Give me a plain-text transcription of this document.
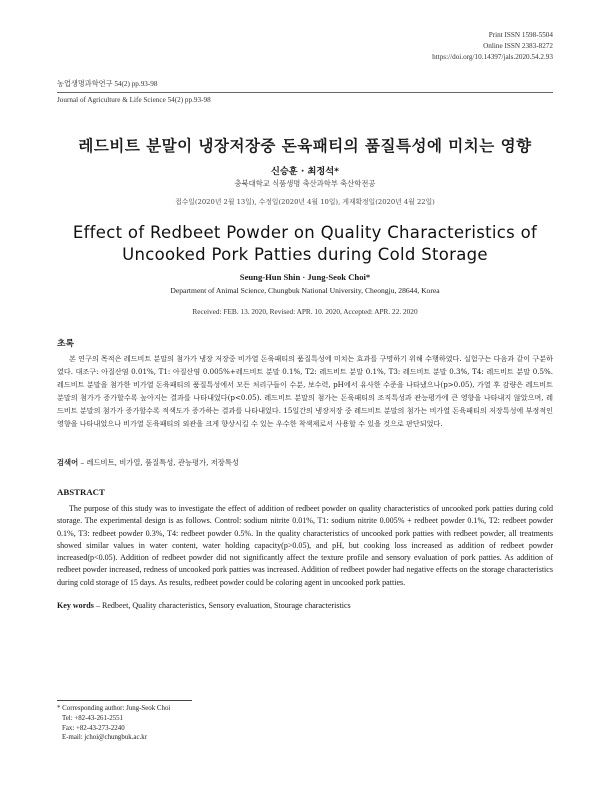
Print ISSN 1598-5504
Online ISSN 2383-8272
https://doi.org/10.14397/jals.2020.54.2.93
농업생명과학연구 54(2) pp.93-98
Journal of Agriculture & Life Science 54(2) pp.93-98
레드비트 분말이 냉장저장중 돈육패티의 품질특성에 미치는 영향
신승훈 · 최정석*
충북대학교 식품생명 축산과학부 축산학전공
접수일(2020년 2월 13일), 수정일(2020년 4월 10일), 게재확정일(2020년 4월 22일)
Effect of Redbeet Powder on Quality Characteristics of
Uncooked Pork Patties during Cold Storage
Seung-Hun Shin · Jung-Seok Choi*
Department of Animal Science, Chungbuk National University, Cheongju, 28644, Korea
Received: FEB. 13. 2020, Revised: APR. 10. 2020, Accepted: APR. 22. 2020
초록
본 연구의 목적은 레드비트 분말의 첨가가 냉장 저장중 비가열 돈육패티의 품질특성에 미치는 효과를 구명하기 위해 수행하였다. 실험구는 다음과 같이 구분하였다. 대조구: 아질산염 0.01%, T1: 아질산염 0.005%+레드비트 분말 0.1%, T2: 레드비트 분말 0.1%, T3: 레드비트 분말 0.3%, T4: 레드비트 분말 0.5%. 레드비트 분말을 첨가한 비가열 돈육패티의 품질특성에서 모든 처리구들이 수분, 보수력, pH에서 유사한 수준을 나타냈으나(p>0.05), 가열 후 감량은 레드비트 분말의 첨가가 증가할수록 높아지는 결과를 나타내었다(p<0.05). 레드비트 분말의 첨가는 돈육패티의 조직특성과 관능평가에 큰 영향을 나타내지 않았으며, 레드비트 분말의 첨가가 증가할수록 적색도가 증가하는 결과를 나타내었다. 15일간의 냉장저장 중 레드비트 분말의 첨가는 비가열 돈육패티의 저장특성에 부정적인 영향을 나타내었으나 비가열 돈육패티의 외관을 크게 향상시킬 수 있는 우수한 착색제로서 사용할 수 있을 것으로 판단되었다.
검색어 – 레드비트, 비가열, 품질특성, 관능평가, 저장특성
ABSTRACT
The purpose of this study was to investigate the effect of addition of redbeet powder on quality characteristics of uncooked pork patties during cold storage. The experimental design is as follows. Control: sodium nitrite 0.01%, T1: sodium nitrite 0.005% + redbeet powder 0.1%, T2: redbeet powder 0.1%, T3: redbeet powder 0.3%, T4: redbeet powder 0.5%. In the quality characteristics of uncooked pork patties with redbeet powder, all treatments showed similar values in water content, water holding capacity(p>0.05), and pH, but cooking loss increased as addition of redbeet powder increased(p<0.05). Addition of redbeet powder did not significantly affect the texture profile and sensory evaluation of pork patties. As addition of redbeet powder increased, redness of uncooked pork patties was increased. Addition of redbeet powder had negative effects on the storage characteristics during cold storage of 15 days. As results, redbeet powder could be coloring agent in uncooked pork patties.
Key words – Redbeet, Quality characteristics, Sensory evaluation, Stourage characteristics
* Corresponding author: Jung-Seok Choi
Tel: +82-43-261-2551
Fax: +82-43-273-2240
E-mail: jchoi@chungbuk.ac.kr
